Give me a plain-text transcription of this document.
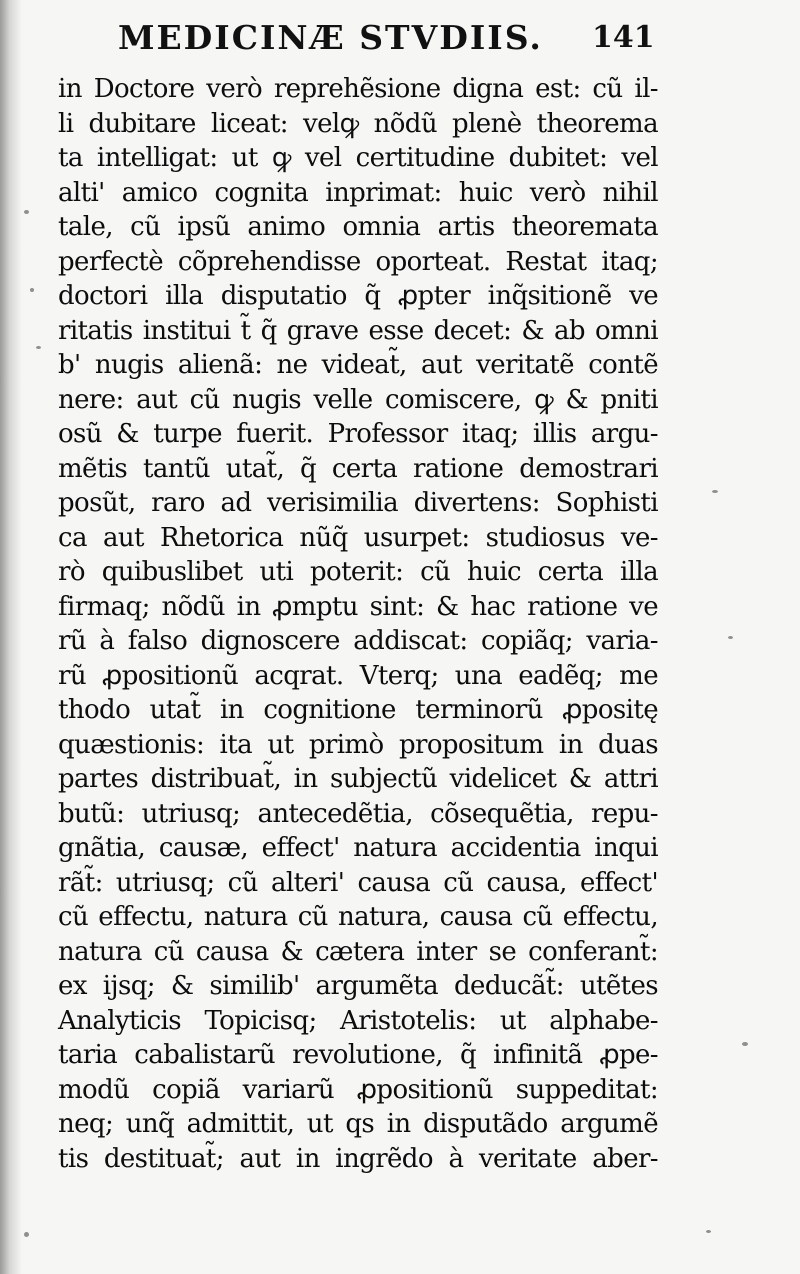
MEDICINÆ STVDIIS. 141
in Doctore verò reprehẽsione digna est: cũ il-
li dubitare liceat: velꝙ nõdũ plenè theorema
ta intelligat: ut ꝙ vel certitudine dubitet: vel
alti' amico cognita inprimat: huic verò nihil
tale, cũ ipsũ animo omnia artis theoremata
perfectè cõprehendisse oporteat. Restat itaq;
doctori illa disputatio q̃ ꝓpter inq̃sitionẽ ve
ritatis institui t̃ q̃ grave esse decet: & ab omni
b' nugis alienã: ne videat̃, aut veritatẽ contẽ
nere: aut cũ nugis velle comiscere, ꝙ & pniti
osũ & turpe fuerit. Professor itaq; illis argu-
mẽtis tantũ utat̃, q̃ certa ratione demostrari
posũt, raro ad verisimilia divertens: Sophisti
ca aut Rhetorica nũq̃ usurpet: studiosus ve-
rò quibuslibet uti poterit: cũ huic certa illa
firmaq; nõdũ in ꝓmptu sint: & hac ratione ve
rũ à falso dignoscere addiscat: copiãq; varia-
rũ ꝓpositionũ acqrat. Vterq; una eadẽq; me
thodo utat̃ in cognitione terminorũ ꝓpositę
quæstionis: ita ut primò propositum in duas
partes distribuat̃, in subjectũ videlicet & attri
butũ: utriusq; antecedẽtia, cõsequẽtia, repu-
gnãtia, causæ, effect' natura accidentia inqui
rãt̃: utriusq; cũ alteri' causa cũ causa, effect'
cũ effectu, natura cũ natura, causa cũ effectu,
natura cũ causa & cætera inter se conferant̃:
ex ijsq; & similib' argumẽta deducãt̃: utẽtes
Analyticis Topicisq; Aristotelis: ut alphabe-
taria cabalistarũ revolutione, q̃ infinitã ꝓpe-
modũ copiã variarũ ꝓpositionũ suppeditat:
neq; unq̃ admittit, ut qs in disputãdo argumẽ
tis destituat̃; aut in ingrẽdo à veritate aber-
